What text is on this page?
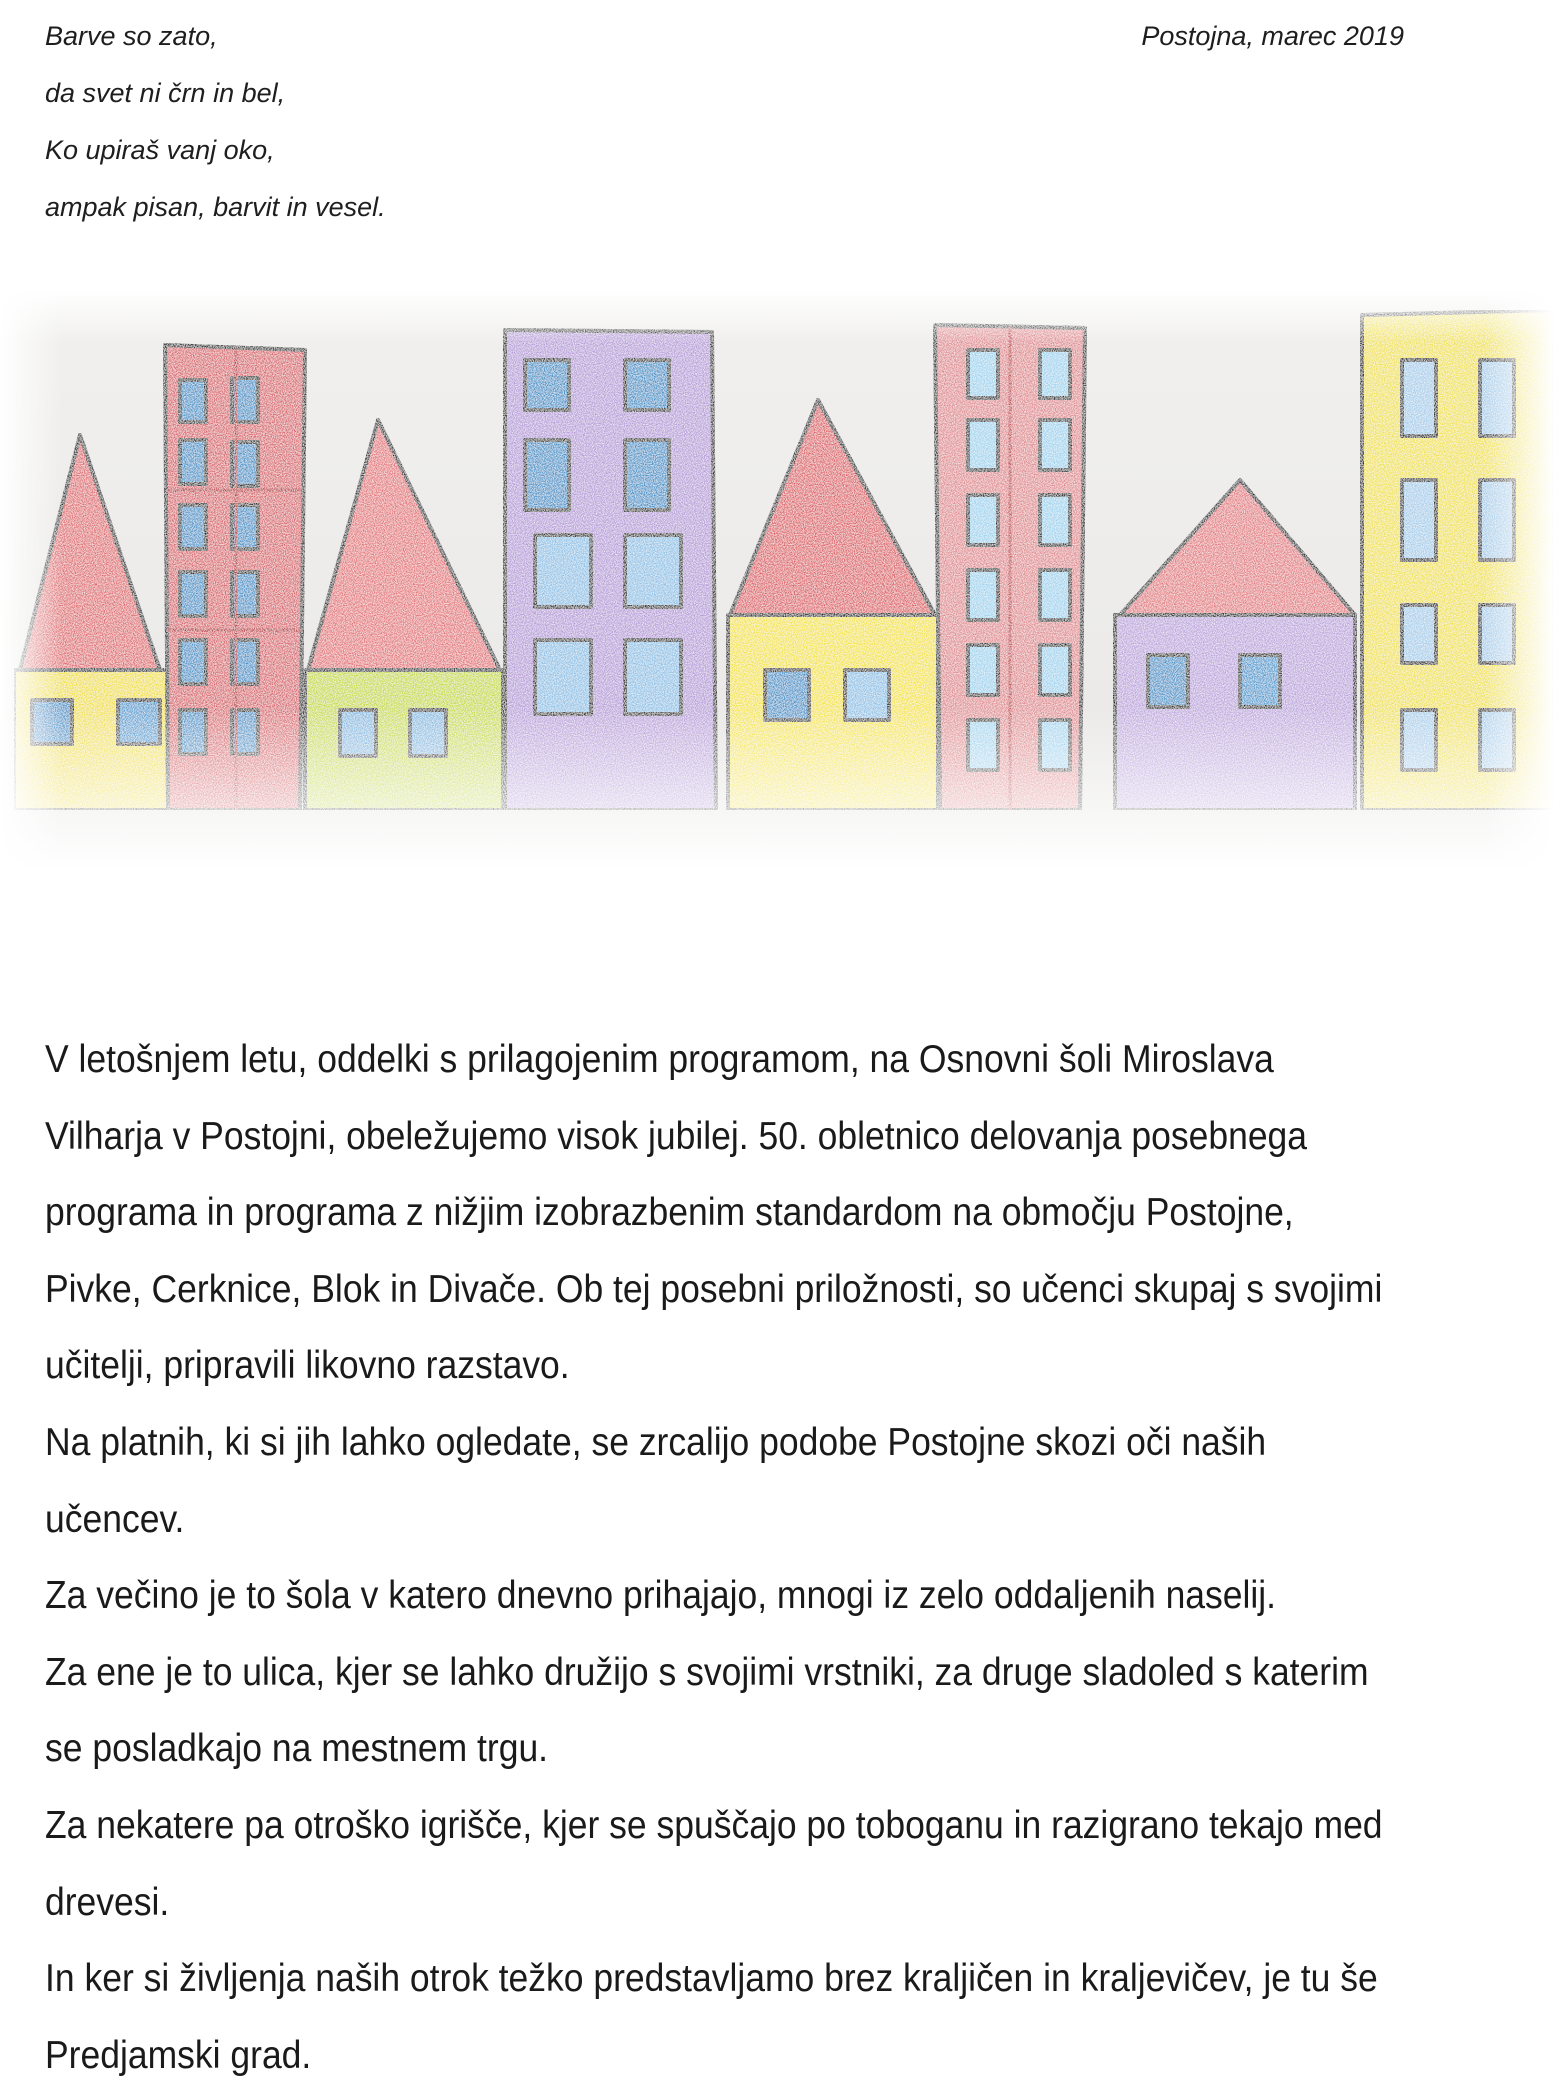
Barve so zato,
da svet ni črn in bel,
Ko upiraš vanj oko,
ampak pisan, barvit in vesel.
Postojna, marec 2019

V letošnjem letu, oddelki s prilagojenim programom, na Osnovni šoli Miroslava Vilharja v Postojni, obeležujemo visok jubilej. 50. obletnico delovanja posebnega programa in programa z nižjim izobrazbenim standardom na območju Postojne, Pivke, Cerknice, Blok in Divače. Ob tej posebni priložnosti, so učenci skupaj s svojimi učitelji, pripravili likovno razstavo.

Na platnih, ki si jih lahko ogledate, se zrcalijo podobe Postojne skozi oči naših učencev.

Za večino je to šola v katero dnevno prihajajo, mnogi iz zelo oddaljenih naselij.

Za ene je to ulica, kjer se lahko družijo s svojimi vrstniki, za druge sladoled s katerim se posladkajo na mestnem trgu.

Za nekatere pa otroško igrišče, kjer se spuščajo po toboganu in razigrano tekajo med drevesi.

In ker si življenja naših otrok težko predstavljamo brez kraljičen in kraljevičev, je tu še Predjamski grad.
